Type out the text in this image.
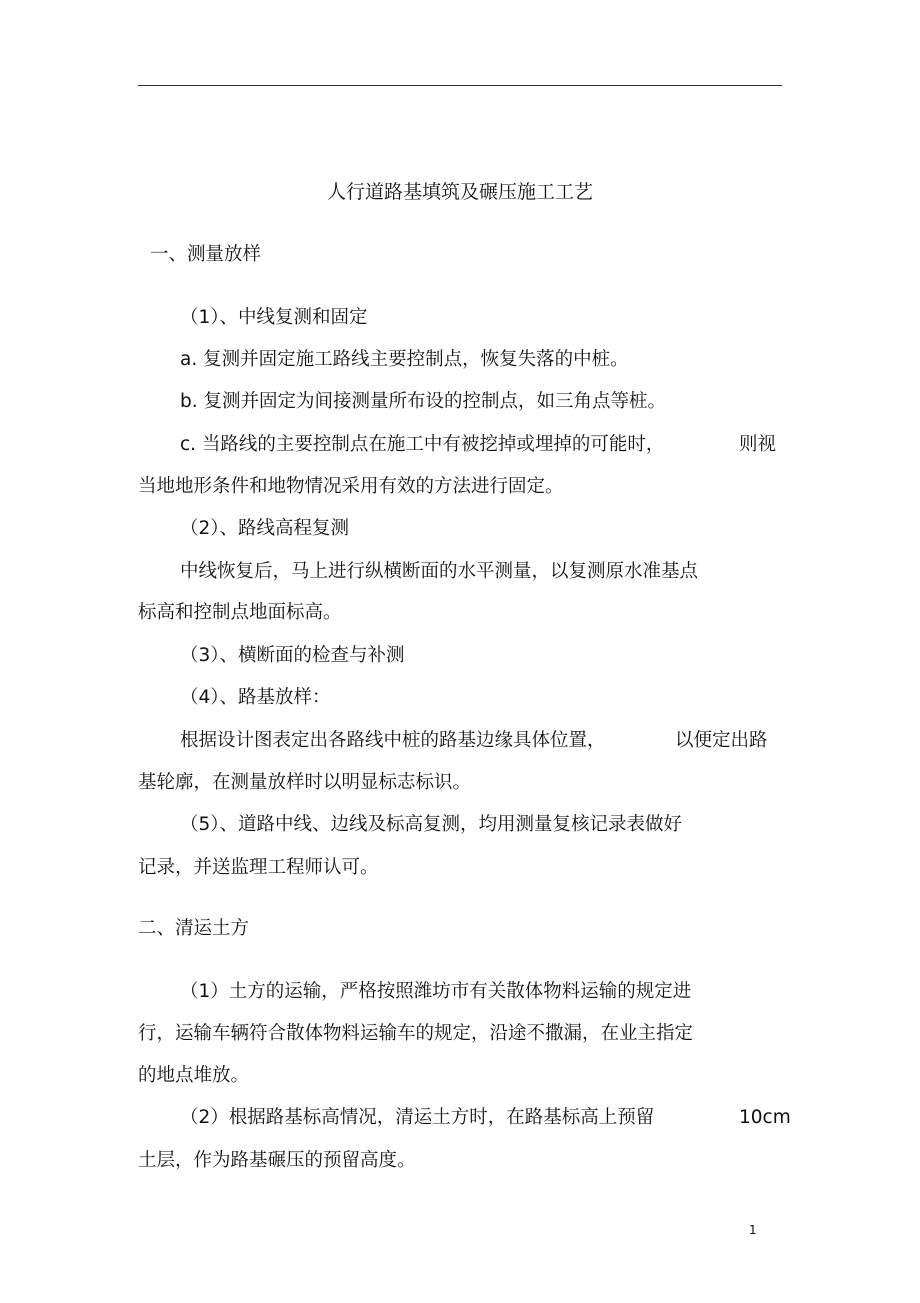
人行道路基填筑及碾压施工工艺
一、测量放样
（1）、中线复测和固定
a. 复测并固定施工路线主要控制点，恢复失落的中桩。
b. 复测并固定为间接测量所布设的控制点，如三角点等桩。
c. 当路线的主要控制点在施工中有被挖掉或埋掉的可能时，	则视
当地地形条件和地物情况采用有效的方法进行固定。
（2）、路线高程复测
中线恢复后，马上进行纵横断面的水平测量，以复测原水准基点
标高和控制点地面标高。
（3）、横断面的检查与补测
（4）、路基放样：
根据设计图表定出各路线中桩的路基边缘具体位置，	以便定出路
基轮廓，在测量放样时以明显标志标识。
（5）、道路中线、边线及标高复测，均用测量复核记录表做好
记录，并送监理工程师认可。
二、清运土方
（1）土方的运输，严格按照潍坊市有关散体物料运输的规定进
行，运输车辆符合散体物料运输车的规定，沿途不撒漏，在业主指定
的地点堆放。
（2）根据路基标高情况，清运土方时，在路基标高上预留	10cm
土层，作为路基碾压的预留高度。
1
